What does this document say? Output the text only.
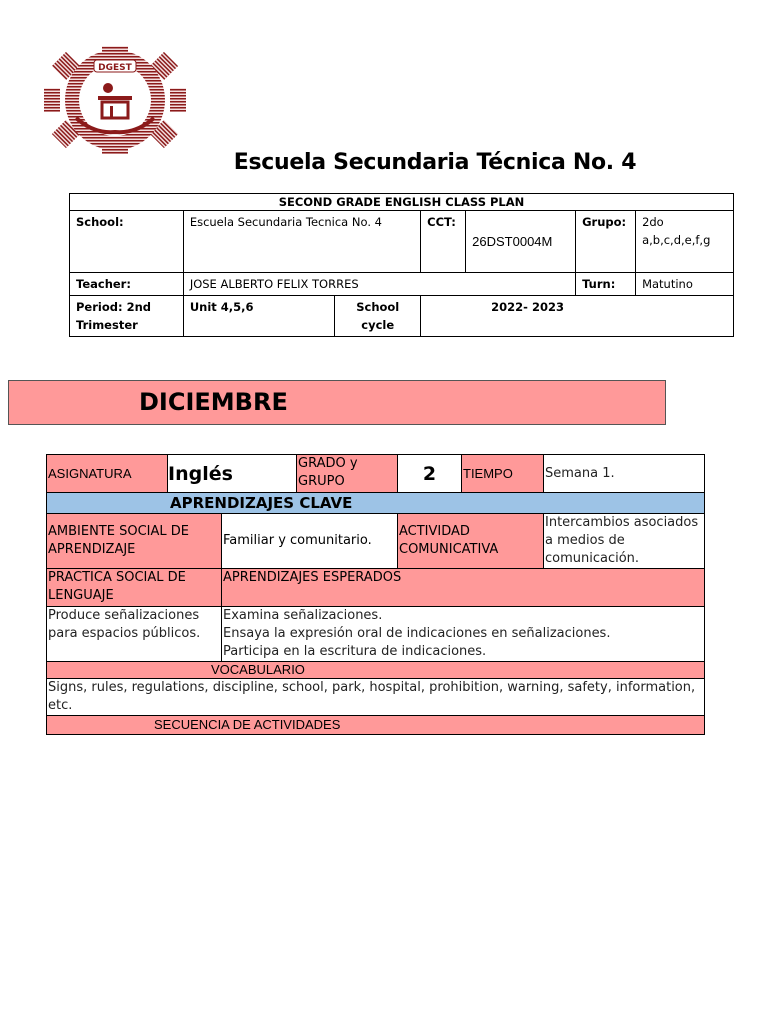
DGEST
Escuela Secundaria Técnica No. 4
SECOND GRADE ENGLISH CLASS PLAN						
School:	Escuela Secundaria Tecnica No. 4		CCT:	26DST0004M	Grupo:	2do a,b,c,d,e,f,g
Teacher:	JOSE ALBERTO FELIX TORRES				Turn:	Matutino
Period: 2nd Trimester	Unit 4,5,6	School cycle	2022- 2023			
DICIEMBRE
ASIGNATURA	Inglés		GRADO y GRUPO	2	TIEMPO	Semana 1.
APRENDIZAJES CLAVE						
AMBIENTE SOCIAL DE APRENDIZAJE		Familiar y comunitario.		ACTIVIDAD COMUNICATIVA		Intercambios asociados a medios de comunicación.
PRACTICA SOCIAL DE LENGUAJE		APRENDIZAJES ESPERADOS				
Produce señalizaciones para espacios públicos.		Examina señalizaciones.
Ensaya la expresión oral de indicaciones en señalizaciones.
Participa en la escritura de indicaciones.				

VOCABULARIO						
Signs, rules, regulations, discipline, school, park, hospital, prohibition, warning, safety, information, etc.						
SECUENCIA DE ACTIVIDADES						
